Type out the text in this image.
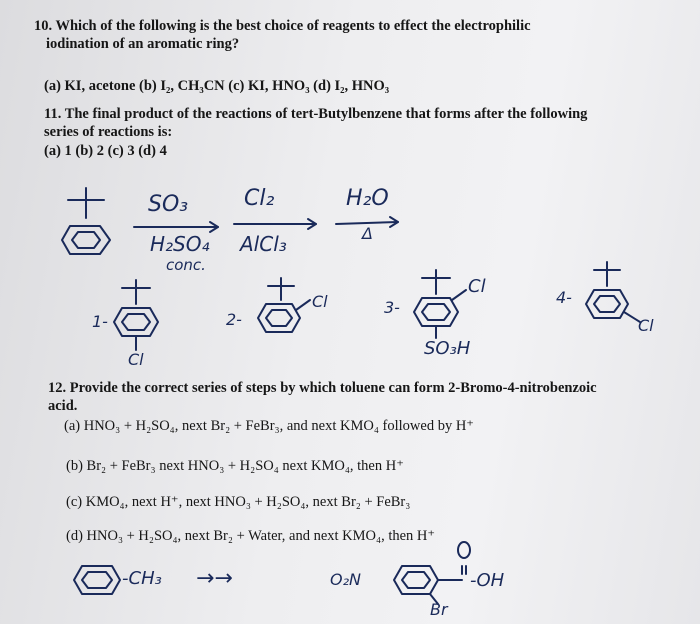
10. Which of the following is the best choice of reagents to effect the electrophilic
iodination of an aromatic ring?
(a) KI, acetone (b) I₂, CH₃CN (c) KI, HNO₃ (d) I₂, HNO₃
11. The final product of the reactions of tert-Butylbenzene that forms after the following
series of reactions is:
(a) 1 (b) 2 (c) 3 (d) 4
SO₃
H₂SO₄
conc.
Cl₂
AlCl₃
H₂O
Δ
1-	2-
3-
4-
Cl
Cl
Cl
Cl
SO₃H
12. Provide the correct series of steps by which toluene can form 2-Bromo-4-nitrobenzoic
acid.
(a) HNO₃ + H₂SO₄, next Br₂ + FeBr₃, and next KMO₄ followed by H⁺
(b) Br₂ + FeBr₃ next HNO₃ + H₂SO₄ next KMO₄, then H⁺
(c) KMO₄, next H⁺, next HNO₃ + H₂SO₄, next Br₂ + FeBr₃
(d) HNO₃ + H₂SO₄, next Br₂ + Water, and next KMO₄, then H⁺
-CH₃ →→	O₂N	-OH
Br
